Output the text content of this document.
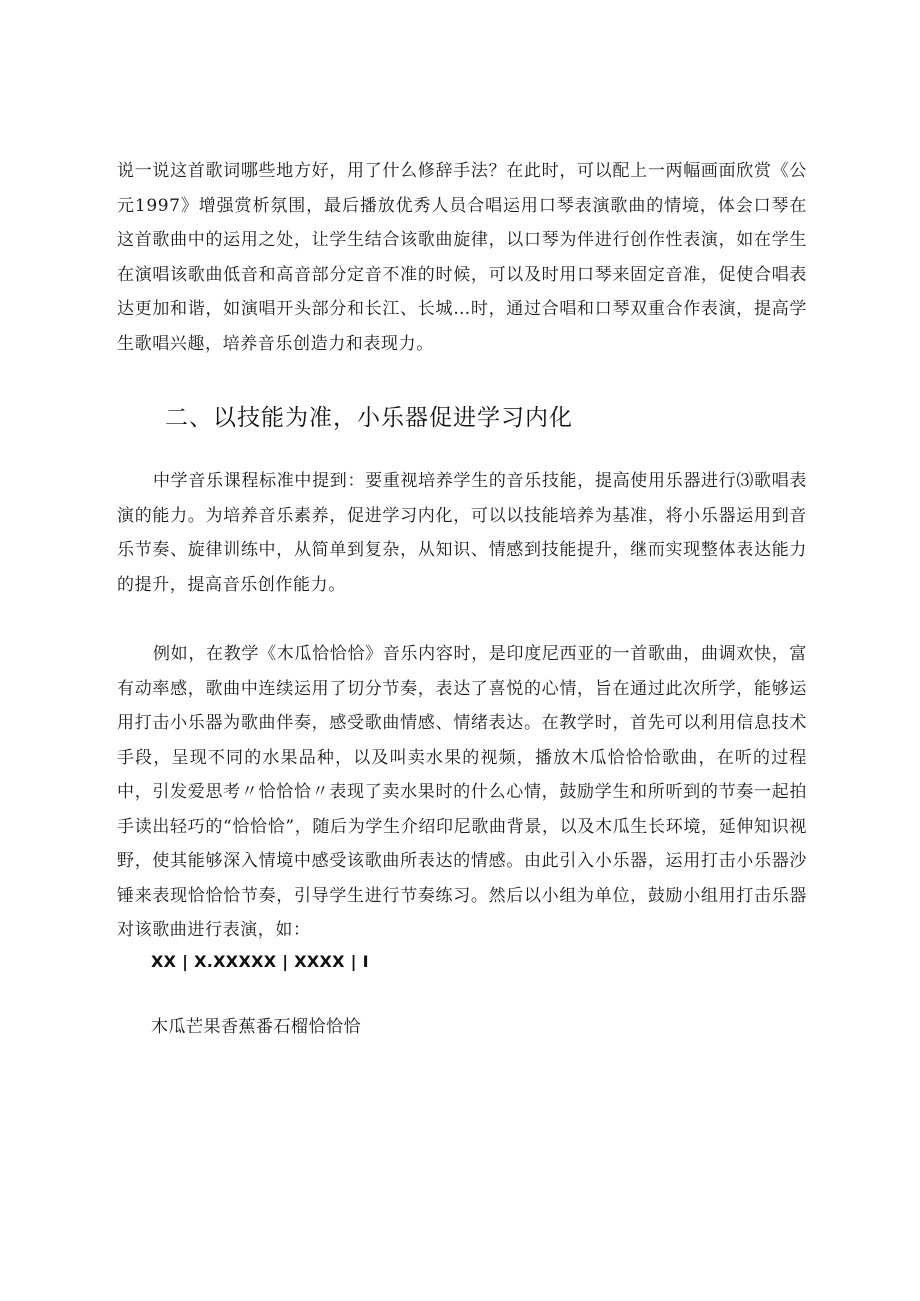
说一说这首歌词哪些地方好，用了什么修辞手法？在此时，可以配上一两幅画面欣赏《公元1997》增强赏析氛围，最后播放优秀人员合唱运用口琴表演歌曲的情境，体会口琴在这首歌曲中的运用之处，让学生结合该歌曲旋律，以口琴为伴进行创作性表演，如在学生在演唱该歌曲低音和高音部分定音不准的时候，可以及时用口琴来固定音准，促使合唱表达更加和谐，如演唱开头部分和长江、长城…时，通过合唱和口琴双重合作表演，提高学生歌唱兴趣，培养音乐创造力和表现力。

二、以技能为准，小乐器促进学习内化

中学音乐课程标准中提到：要重视培养学生的音乐技能，提高使用乐器进行⑶歌唱表演的能力。为培养音乐素养，促进学习内化，可以以技能培养为基准，将小乐器运用到音乐节奏、旋律训练中，从简单到复杂，从知识、情感到技能提升，继而实现整体表达能力的提升，提高音乐创作能力。

例如，在教学《木瓜恰恰恰》音乐内容时，是印度尼西亚的一首歌曲，曲调欢快，富有动率感，歌曲中连续运用了切分节奏，表达了喜悦的心情，旨在通过此次所学，能够运用打击小乐器为歌曲伴奏，感受歌曲情感、情绪表达。在教学时，首先可以利用信息技术手段，呈现不同的水果品种，以及叫卖水果的视频，播放木瓜恰恰恰歌曲，在听的过程中，引发爱思考〃恰恰恰〃表现了卖水果时的什么心情，鼓励学生和所听到的节奏一起拍手读出轻巧的“恰恰恰”，随后为学生介绍印尼歌曲背景，以及木瓜生长环境，延伸知识视野，使其能够深入情境中感受该歌曲所表达的情感。由此引入小乐器，运用打击小乐器沙锤来表现恰恰恰节奏，引导学生进行节奏练习。然后以小组为单位，鼓励小组用打击乐器对该歌曲进行表演，如：

XX | X.XXXXX | XXXX | I

木瓜芒果香蕉番石榴恰恰恰
